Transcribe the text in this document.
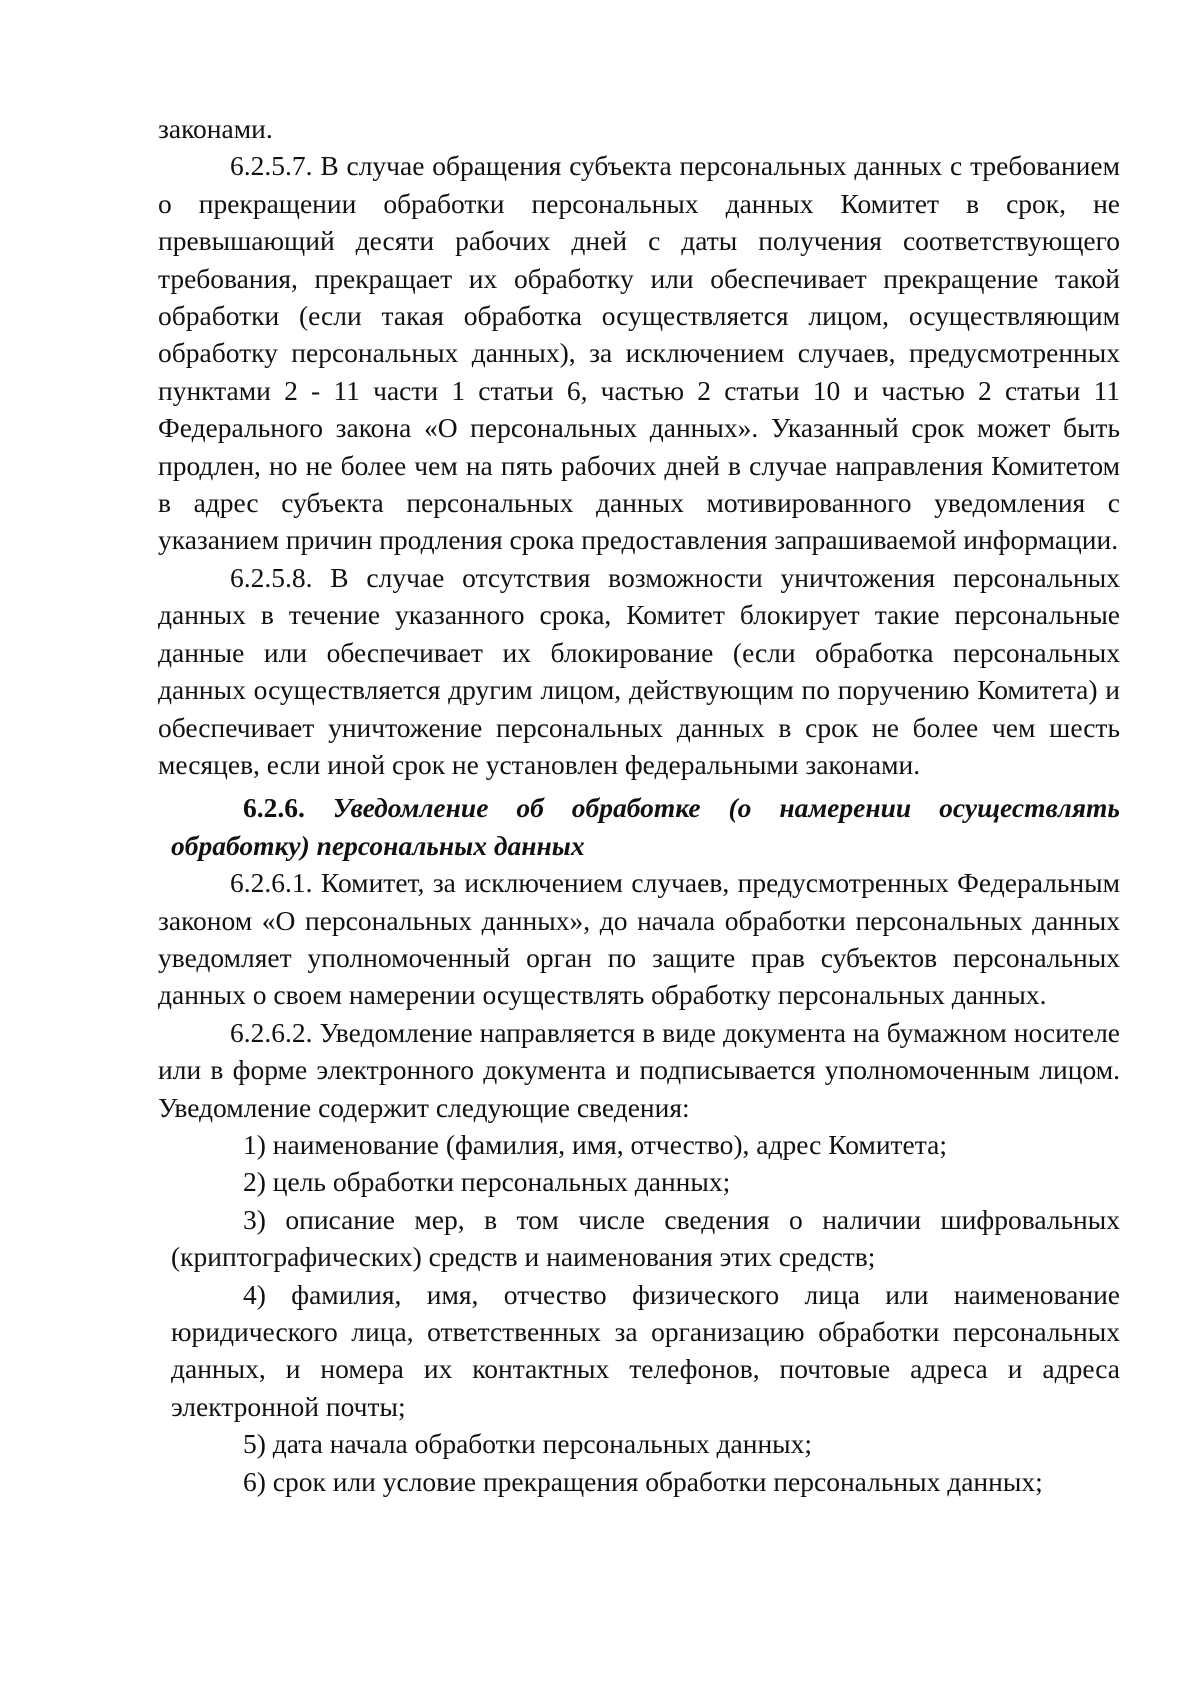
законами.

6.2.5.7. В случае обращения субъекта персональных данных с требованием о прекращении обработки персональных данных Комитет в срок, не превышающий десяти рабочих дней с даты получения соответствующего требования, прекращает их обработку или обеспечивает прекращение такой обработки (если такая обработка осуществляется лицом, осуществляющим обработку персональных данных), за исключением случаев, предусмотренных пунктами 2 - 11 части 1 статьи 6, частью 2 статьи 10 и частью 2 статьи 11 Федерального закона «О персональных данных». Указанный срок может быть продлен, но не более чем на пять рабочих дней в случае направления Комитетом в адрес субъекта персональных данных мотивированного уведомления с указанием причин продления срока предоставления запрашиваемой информации.

6.2.5.8. В случае отсутствия возможности уничтожения персональных данных в течение указанного срока, Комитет блокирует такие персональные данные или обеспечивает их блокирование (если обработка персональных данных осуществляется другим лицом, действующим по поручению Комитета) и обеспечивает уничтожение персональных данных в срок не более чем шесть месяцев, если иной срок не установлен федеральными законами.

6.2.6. Уведомление об обработке (о намерении осуществлять обработку) персональных данных

6.2.6.1. Комитет, за исключением случаев, предусмотренных Федеральным законом «О персональных данных», до начала обработки персональных данных уведомляет уполномоченный орган по защите прав субъектов персональных данных о своем намерении осуществлять обработку персональных данных.

6.2.6.2. Уведомление направляется в виде документа на бумажном носителе или в форме электронного документа и подписывается уполномоченным лицом. Уведомление содержит следующие сведения:

1) наименование (фамилия, имя, отчество), адрес Комитета;

2) цель обработки персональных данных;

3) описание мер, в том числе сведения о наличии шифровальных (криптографических) средств и наименования этих средств;

4) фамилия, имя, отчество физического лица или наименование юридического лица, ответственных за организацию обработки персональных данных, и номера их контактных телефонов, почтовые адреса и адреса электронной почты;

5) дата начала обработки персональных данных;

6) срок или условие прекращения обработки персональных данных;
